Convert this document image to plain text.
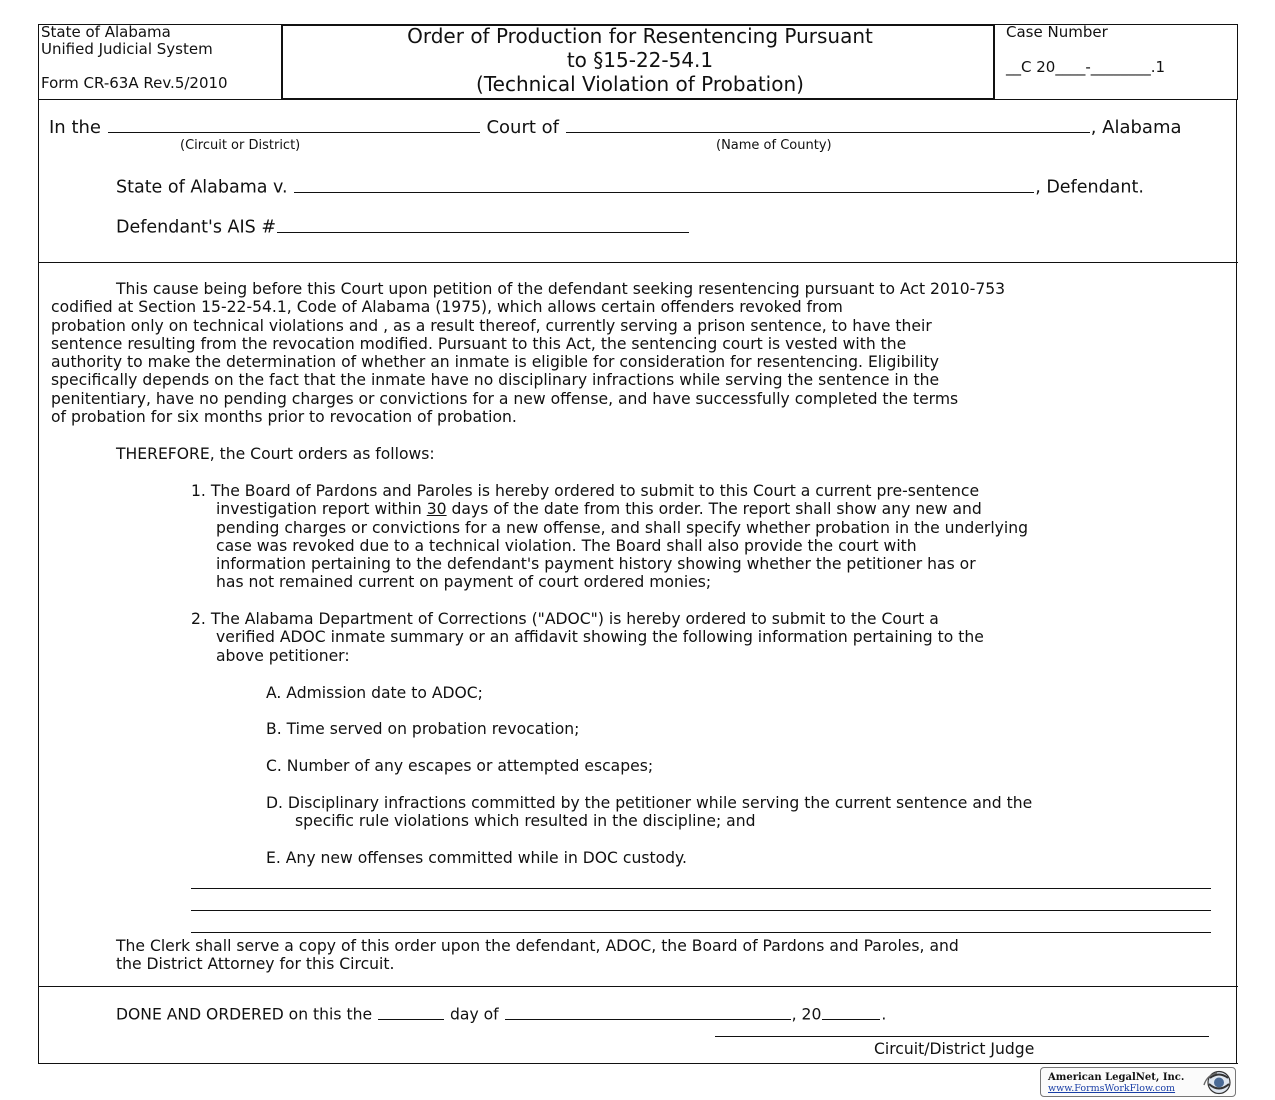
State of Alabama
Unified Judicial System
Form CR-63A Rev.5/2010
Order of Production for Resentencing Pursuant
to §15-22-54.1
(Technical Violation of Probation)
Case Number
__C 20____-________.1
In the	Court of	, Alabama
(Circuit or District)	(Name of County)
State of Alabama v.	, Defendant.
Defendant's AIS #
This cause being before this Court upon petition of the defendant seeking resentencing pursuant to Act 2010-753
codified at Section 15-22-54.1, Code of Alabama (1975), which allows certain offenders revoked from
probation only on technical violations and , as a result thereof, currently serving a prison sentence, to have their
sentence resulting from the revocation modified. Pursuant to this Act, the sentencing court is vested with the
authority to make the determination of whether an inmate is eligible for consideration for resentencing. Eligibility
specifically depends on the fact that the inmate have no disciplinary infractions while serving the sentence in the
penitentiary, have no pending charges or convictions for a new offense, and have successfully completed the terms
of probation for six months prior to revocation of probation.
THEREFORE, the Court orders as follows:
1. The Board of Pardons and Paroles is hereby ordered to submit to this Court a current pre-sentence
investigation report within 30 days of the date from this order. The report shall show any new and
pending charges or convictions for a new offense, and shall specify whether probation in the underlying
case was revoked due to a technical violation. The Board shall also provide the court with
information pertaining to the defendant's payment history showing whether the petitioner has or
has not remained current on payment of court ordered monies;
2. The Alabama Department of Corrections ("ADOC") is hereby ordered to submit to the Court a
verified ADOC inmate summary or an affidavit showing the following information pertaining to the
above petitioner:
A. Admission date to ADOC;
B. Time served on probation revocation;
C. Number of any escapes or attempted escapes;
D. Disciplinary infractions committed by the petitioner while serving the current sentence and the
specific rule violations which resulted in the discipline; and
E. Any new offenses committed while in DOC custody.
The Clerk shall serve a copy of this order upon the defendant, ADOC, the Board of Pardons and Paroles, and
the District Attorney for this Circuit.
DONE AND ORDERED on this the	day of	, 20	.
Circuit/District Judge
American LegalNet, Inc.
www.FormsWorkFlow.com
